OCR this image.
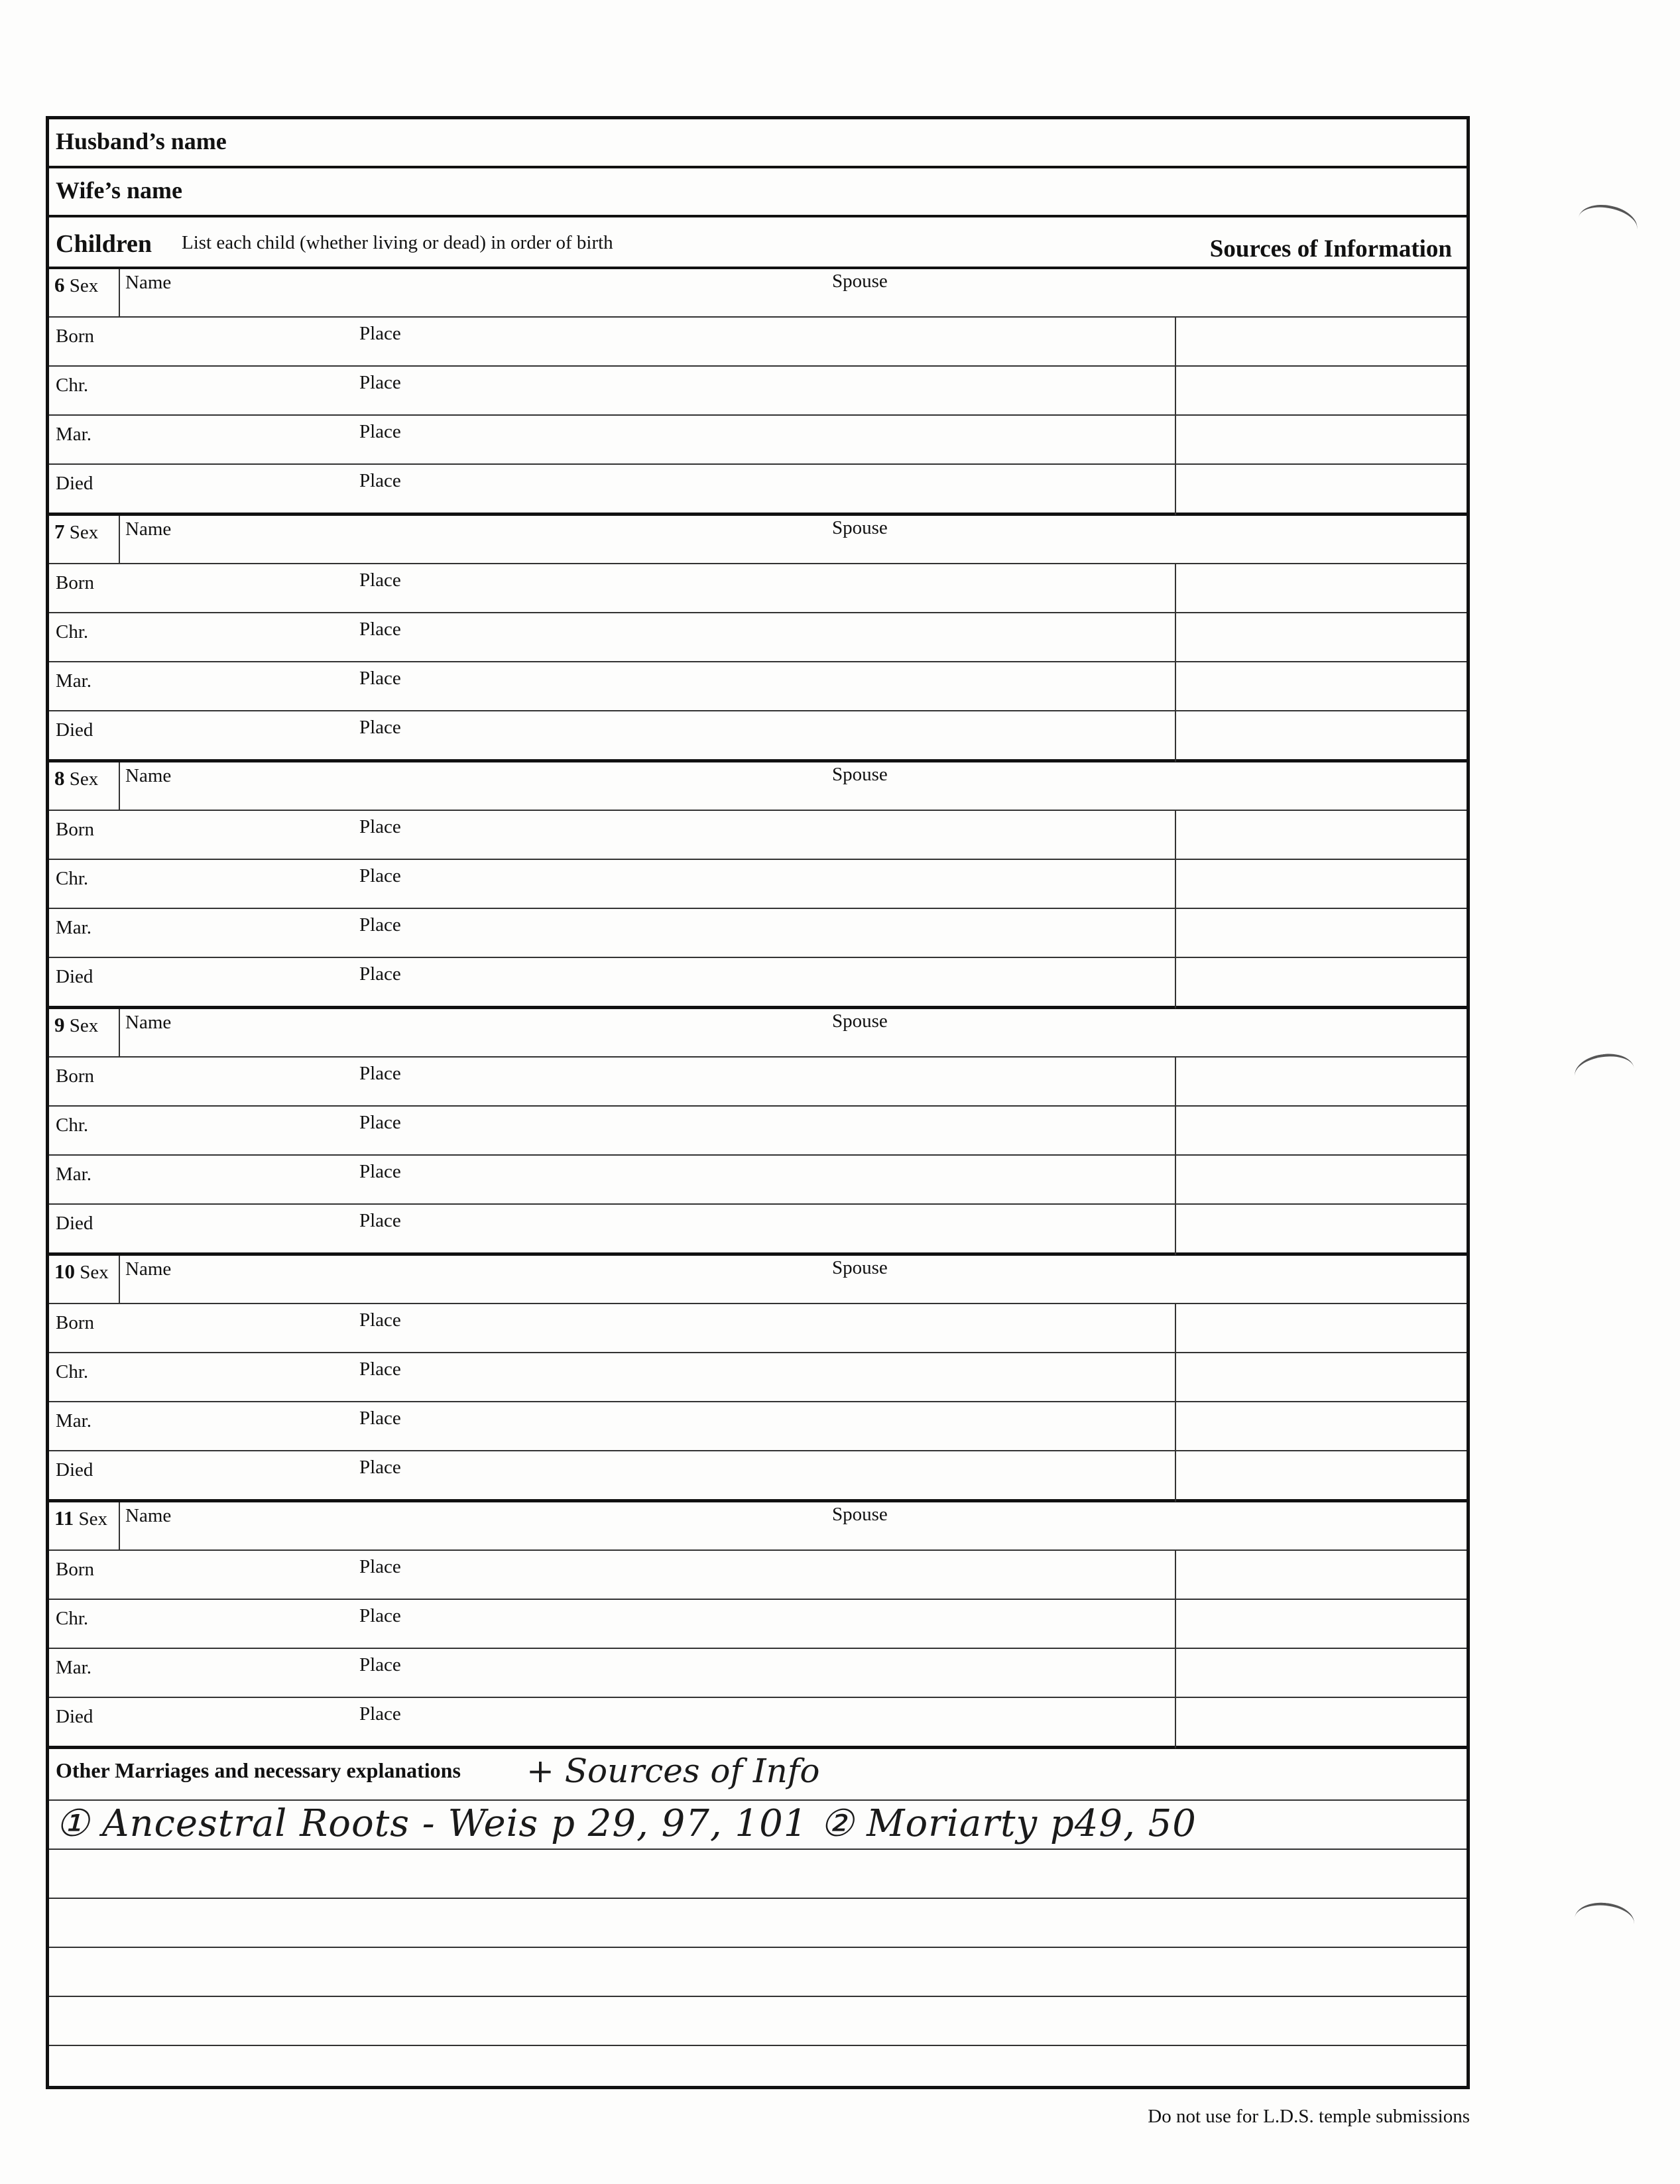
Husband’s name
Wife’s name
Children List each child (whether living or dead) in order of birth	Sources of Information
6 Sex Name	Spouse
Born	Place
Chr.	Place
Mar.	Place
Died	Place
7 Sex Name	Spouse
Born	Place
Chr.	Place
Mar.	Place
Died	Place
8 Sex Name	Spouse
Born	Place
Chr.	Place
Mar.	Place
Died	Place
9 Sex Name	Spouse
Born	Place
Chr.	Place
Mar.	Place
Died	Place
10 Sex Name	Spouse
Born	Place
Chr.	Place
Mar.	Place
Died	Place
11 Sex Name	Spouse
Born	Place
Chr.	Place
Mar.	Place
Died	Place
Other Marriages and necessary explanations + Sources of Info
① Ancestral Roots - Weis p 29, 97, 101 ② Moriarty p49, 50
Do not use for L.D.S. temple submissions
